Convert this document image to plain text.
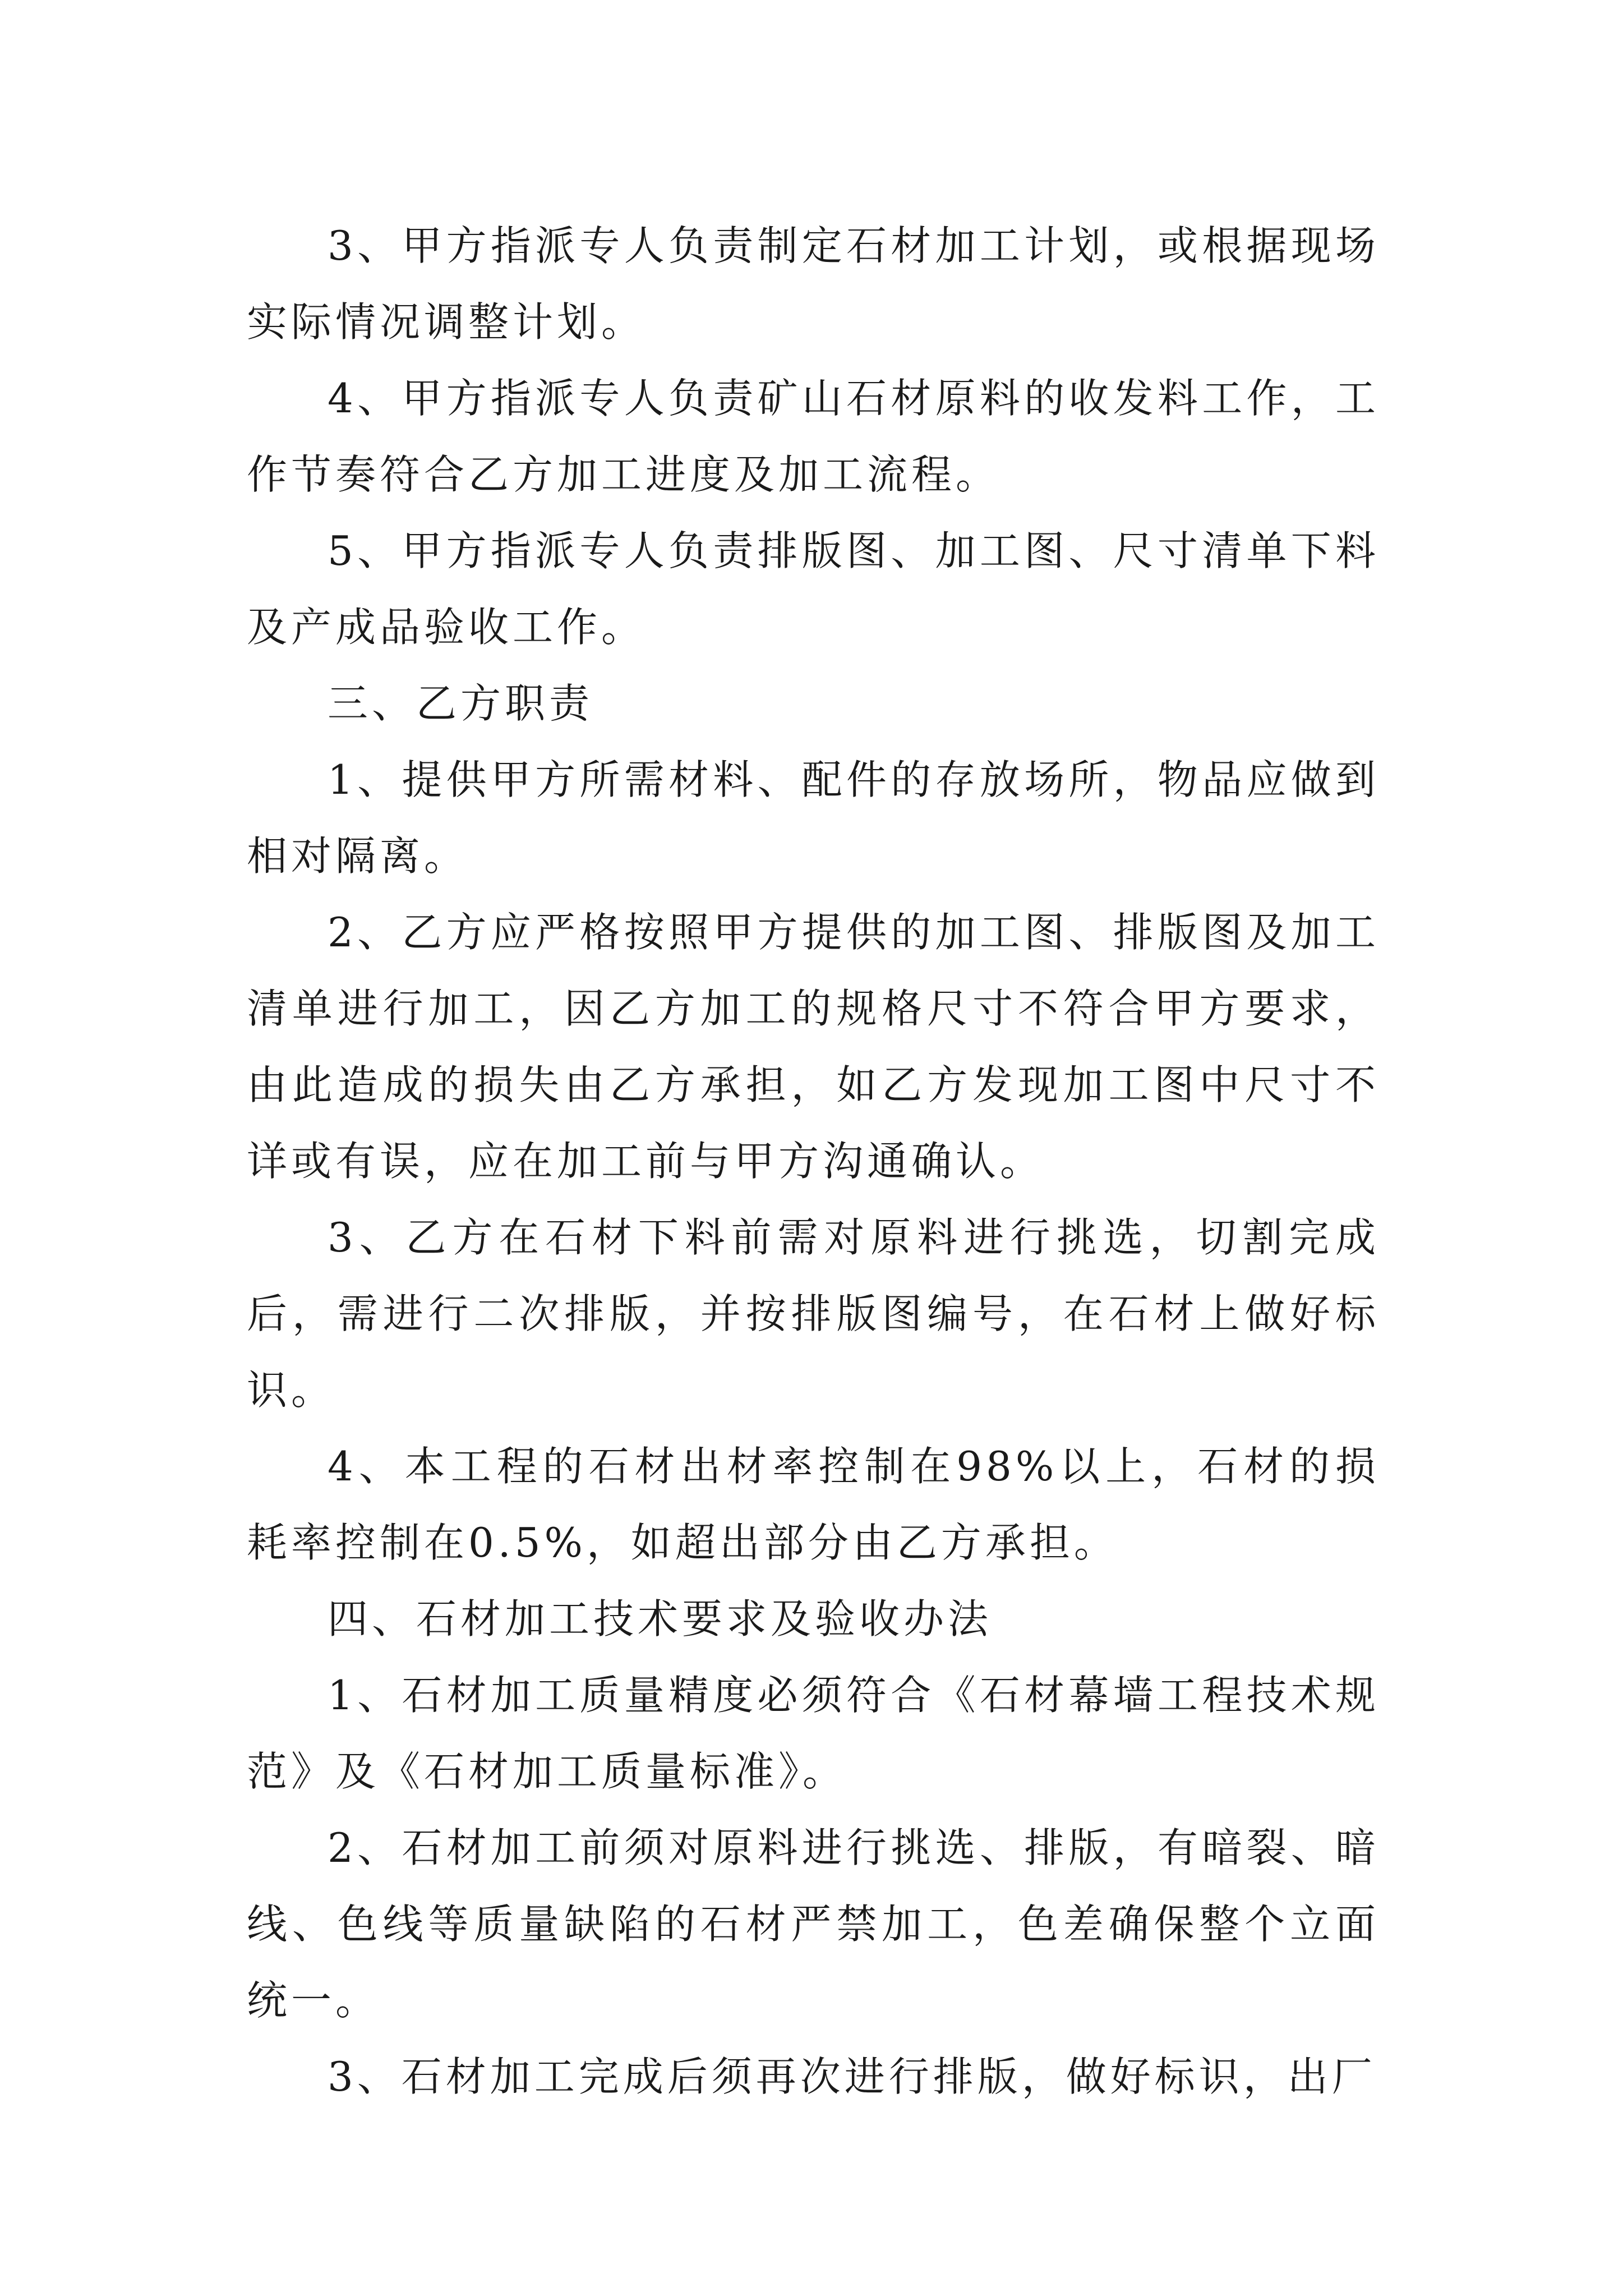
3、甲方指派专人负责制定石材加工计划，或根据现场实际情况调整计划。

4、甲方指派专人负责矿山石材原料的收发料工作，工作节奏符合乙方加工进度及加工流程。

5、甲方指派专人负责排版图、加工图、尺寸清单下料及产成品验收工作。

三、乙方职责

1、提供甲方所需材料、配件的存放场所，物品应做到相对隔离。

2、乙方应严格按照甲方提供的加工图、排版图及加工清单进行加工，因乙方加工的规格尺寸不符合甲方要求，由此造成的损失由乙方承担，如乙方发现加工图中尺寸不详或有误，应在加工前与甲方沟通确认。

3、乙方在石材下料前需对原料进行挑选，切割完成后，需进行二次排版，并按排版图编号，在石材上做好标识。

4、本工程的石材出材率控制在98%以上，石材的损耗率控制在0.5%，如超出部分由乙方承担。

四、石材加工技术要求及验收办法

1、石材加工质量精度必须符合《石材幕墙工程技术规范》及《石材加工质量标准》。

2、石材加工前须对原料进行挑选、排版，有暗裂、暗线、色线等质量缺陷的石材严禁加工，色差确保整个立面统一。

3、石材加工完成后须再次进行排版，做好标识，出厂
